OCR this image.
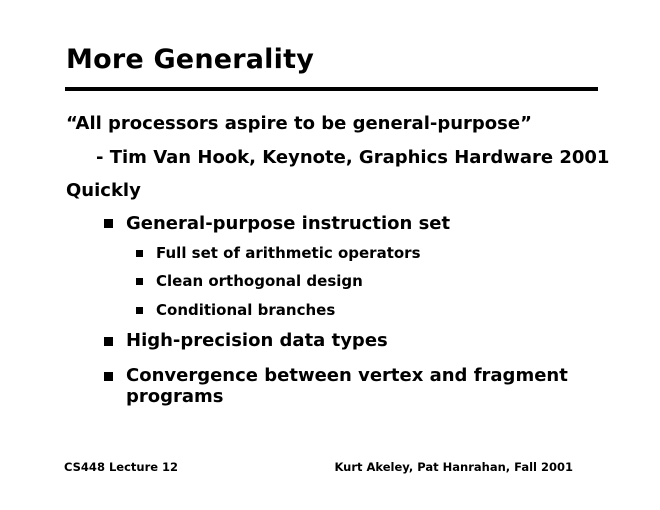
More Generality
“All processors aspire to be general-purpose”
- Tim Van Hook, Keynote, Graphics Hardware 2001
Quickly
General-purpose instruction set
Full set of arithmetic operators
Clean orthogonal design
Conditional branches
High-precision data types
Convergence between vertex and fragment
programs
CS448 Lecture 12	Kurt Akeley, Pat Hanrahan, Fall 2001
